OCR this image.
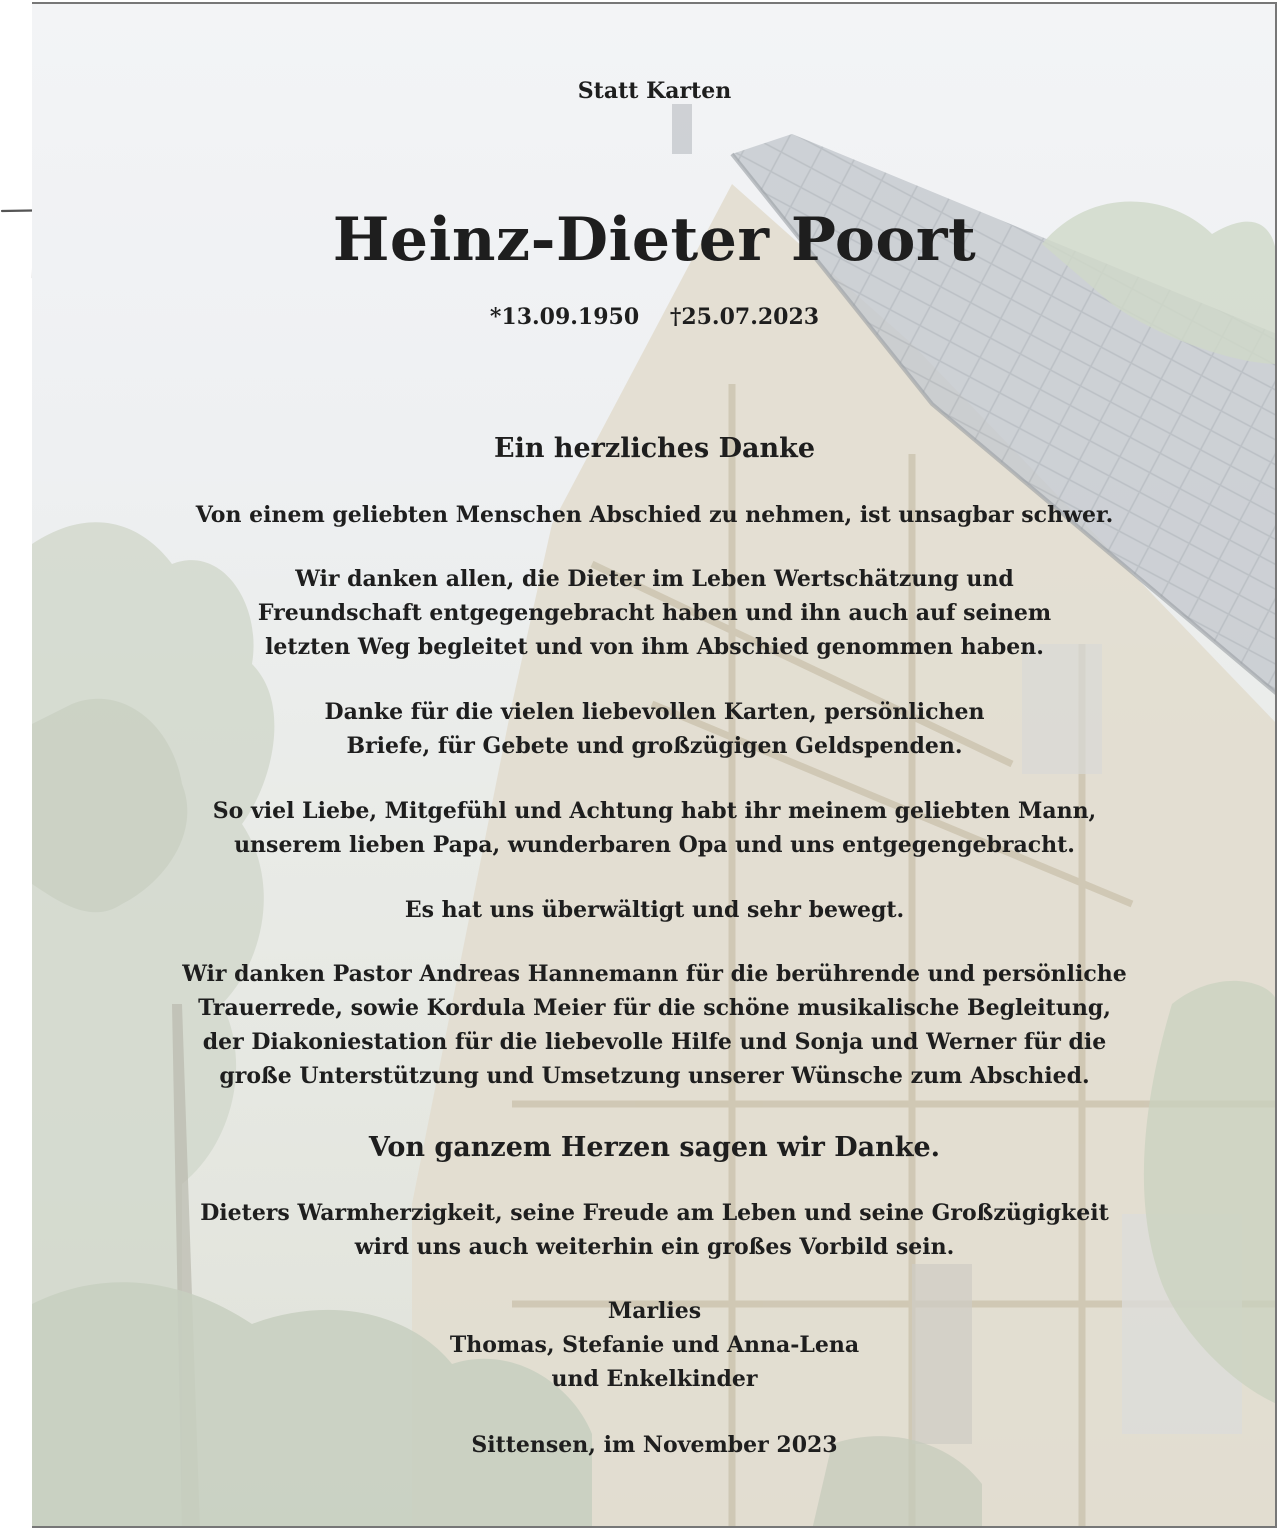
Statt Karten

Heinz-Dieter Poort

*13.09.1950 †25.07.2023

Ein herzliches Danke

Von einem geliebten Menschen Abschied zu nehmen, ist unsagbar schwer.

Wir danken allen, die Dieter im Leben Wertschätzung und
Freundschaft entgegengebracht haben und ihn auch auf seinem
letzten Weg begleitet und von ihm Abschied genommen haben.

Danke für die vielen liebevollen Karten, persönlichen
Briefe, für Gebete und großzügigen Geldspenden.

So viel Liebe, Mitgefühl und Achtung habt ihr meinem geliebten Mann,
unserem lieben Papa, wunderbaren Opa und uns entgegengebracht.

Es hat uns überwältigt und sehr bewegt.

Wir danken Pastor Andreas Hannemann für die berührende und persönliche
Trauerrede, sowie Kordula Meier für die schöne musikalische Begleitung,
der Diakoniestation für die liebevolle Hilfe und Sonja und Werner für die
große Unterstützung und Umsetzung unserer Wünsche zum Abschied.

Von ganzem Herzen sagen wir Danke.

Dieters Warmherzigkeit, seine Freude am Leben und seine Großzügigkeit
wird uns auch weiterhin ein großes Vorbild sein.

Marlies
Thomas, Stefanie und Anna-Lena
und Enkelkinder

Sittensen, im November 2023
